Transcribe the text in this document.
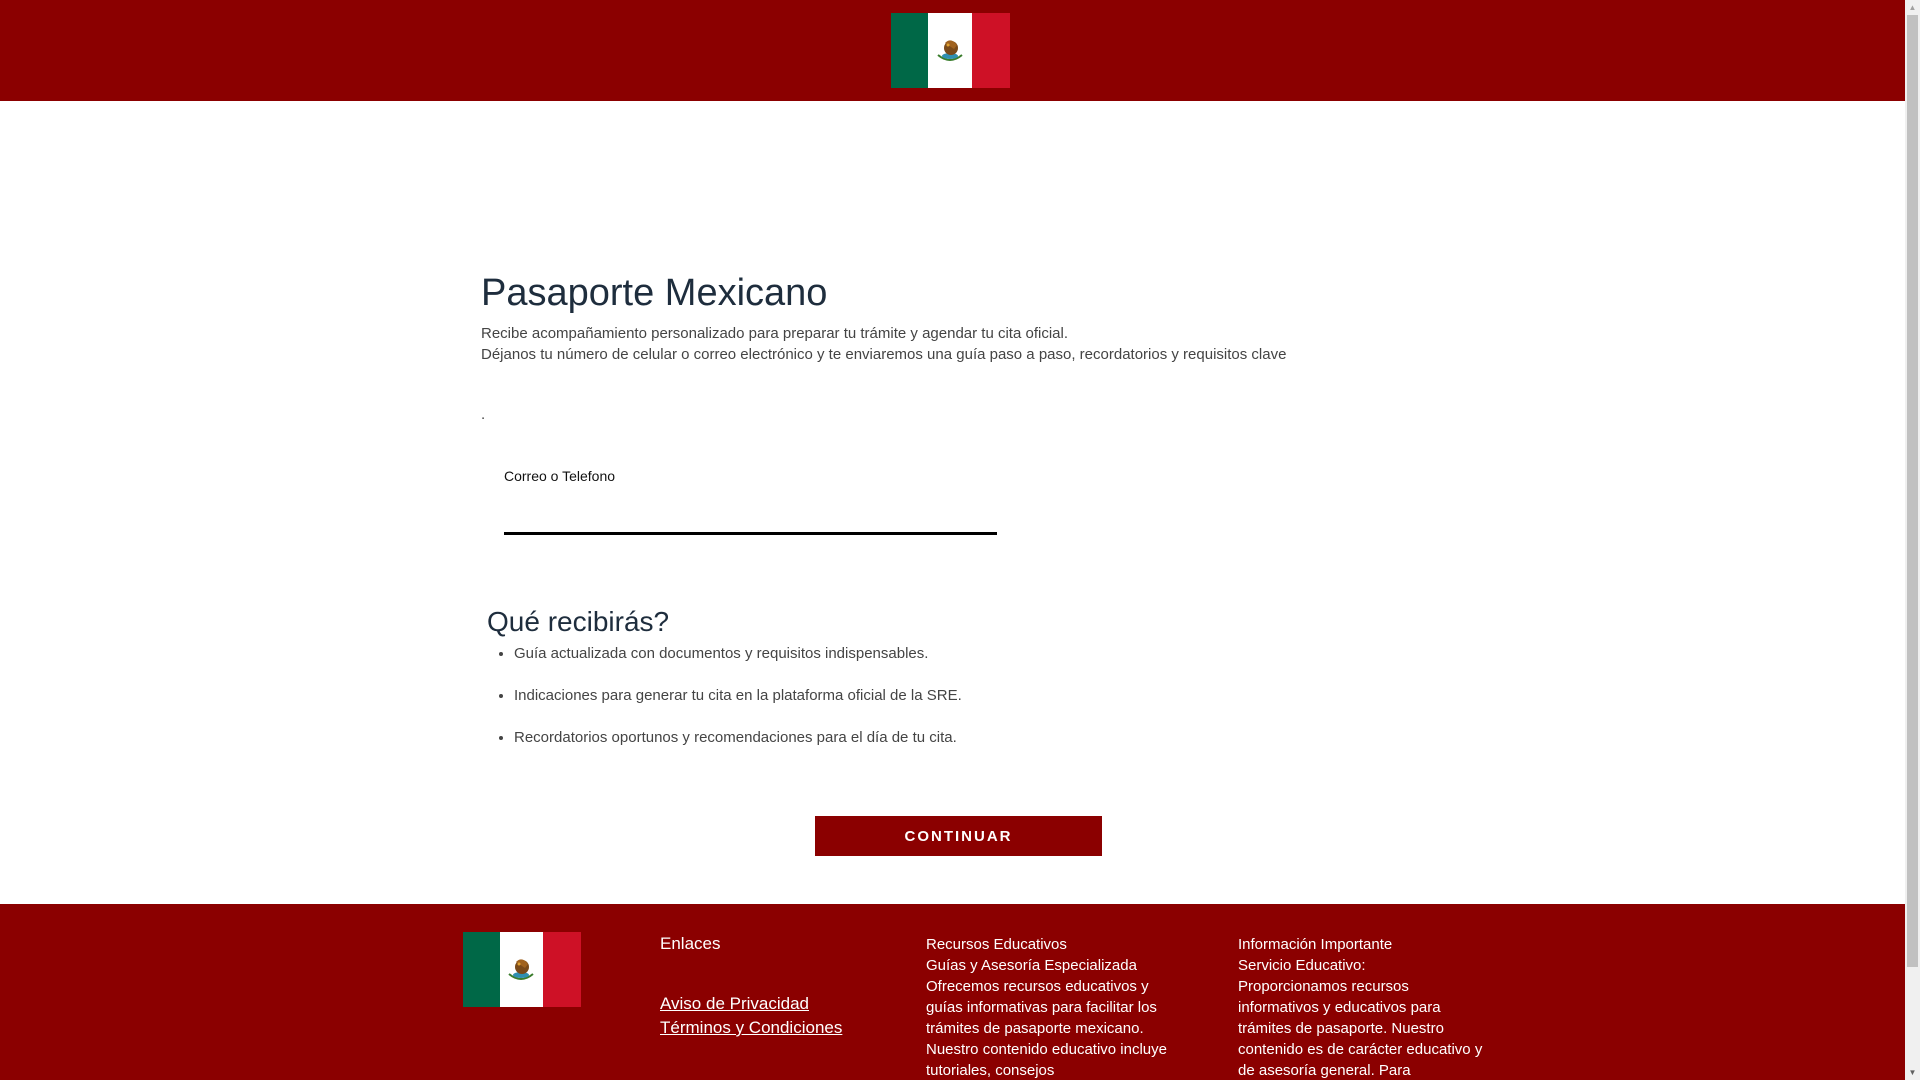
Pasaporte Mexicano
Recibe acompañamiento personalizado para preparar tu trámite y agendar tu cita oficial.
Déjanos tu número de celular o correo electrónico y te enviaremos una guía paso a paso, recordatorios y requisitos clave
.
Correo o Telefono
Qué recibirás?
• Guía actualizada con documentos y requisitos indispensables.
• Indicaciones para generar tu cita en la plataforma oficial de la SRE.
• Recordatorios oportunos y recomendaciones para el día de tu cita.
CONTINUAR
Enlaces
Aviso de Privacidad
Términos y Condiciones
Recursos Educativos
Guías y Asesoría Especializada
Ofrecemos recursos educativos y guías informativas para facilitar los trámites de pasaporte mexicano. Nuestro contenido educativo incluye tutoriales, consejos
Información Importante
Servicio Educativo:
Proporcionamos recursos informativos y educativos para trámites de pasaporte. Nuestro contenido es de carácter educativo y de asesoría general. Para
▲
▼
